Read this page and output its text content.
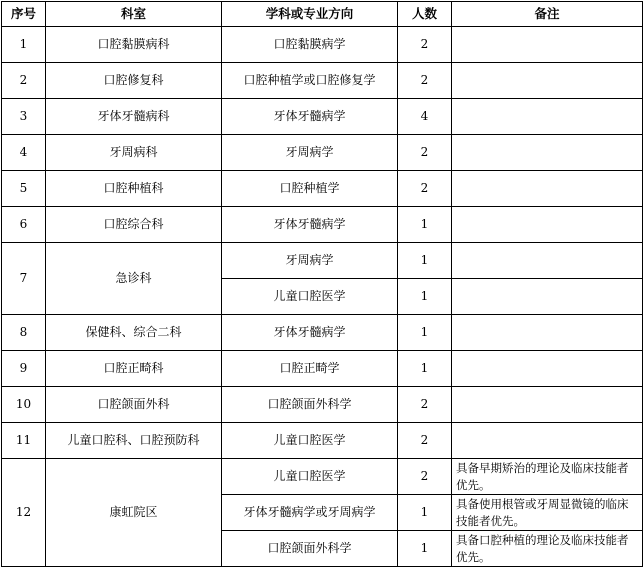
序号	科室	学科或专业方向	人数	备注
1	口腔黏膜病科	口腔黏膜病学	2	
2	口腔修复科	口腔种植学或口腔修复学	2	
3	牙体牙髓病科	牙体牙髓病学	4	
4	牙周病科	牙周病学	2	
5	口腔种植科	口腔种植学	2	
6	口腔综合科	牙体牙髓病学	1	
7	急诊科	牙周病学	1	
		儿童口腔医学	1	
8	保健科、综合二科	牙体牙髓病学	1	
9	口腔正畸科	口腔正畸学	1	
10	口腔颌面外科	口腔颌面外科学	2	
11	儿童口腔科、口腔预防科	儿童口腔医学	2	
12	康虹院区	儿童口腔医学	2	具备早期矫治的理论及临床技能者优先。
		牙体牙髓病学或牙周病学	1	具备使用根管或牙周显微镜的临床技能者优先。
		口腔颌面外科学	1	具备口腔种植的理论及临床技能者优先。
